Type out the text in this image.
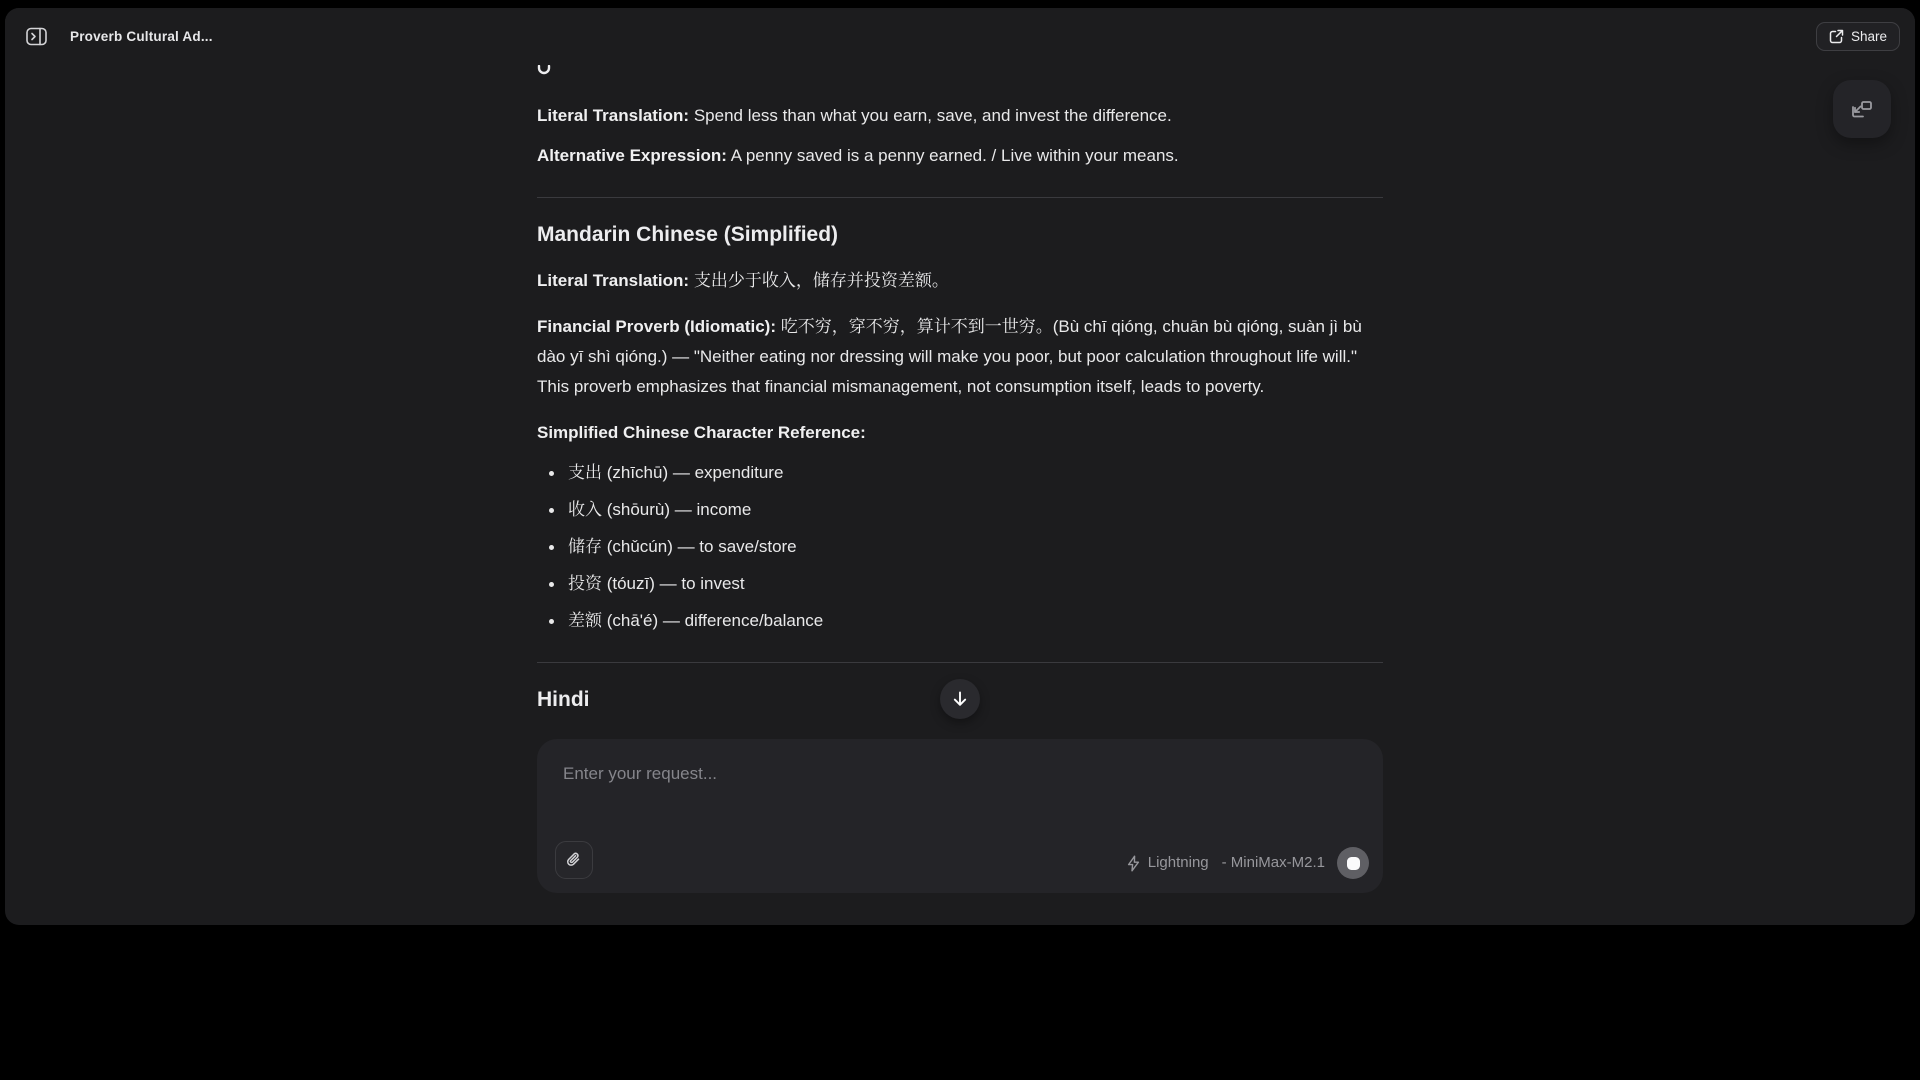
Proverb Cultural Ad...	Share

Literal Translation: Spend less than what you earn, save, and invest the difference.

Alternative Expression: A penny saved is a penny earned. / Live within your means.

Mandarin Chinese (Simplified)

Literal Translation: 支出少于收入，储存并投资差额。

Financial Proverb (Idiomatic): 吃不穷，穿不穷，算计不到一世穷。(Bù chī qióng, chuān bù qióng, suàn jì bù dào yī shì qióng.) — "Neither eating nor dressing will make you poor, but poor calculation throughout life will." This proverb emphasizes that financial mismanagement, not consumption itself, leads to poverty.

Simplified Chinese Character Reference:

支出 (zhīchū) — expenditure
收入 (shōurù) — income
储存 (chǔcún) — to save/store
投资 (tóuzī) — to invest
差额 (chā'é) — difference/balance
Hindi
Enter your request...
Lightning - MiniMax-M2.1
